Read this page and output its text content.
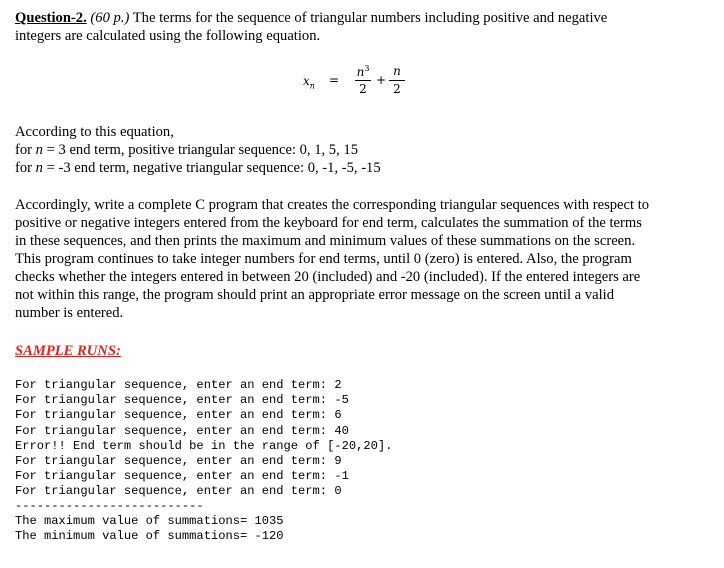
Question-2. (60 p.) The terms for the sequence of triangular numbers including positive and negative
integers are calculated using the following equation.

$x_n$ =
$n^3$
2
+
n
2

According to this equation,
for n = 3 end term, positive triangular sequence: 0, 1, 5, 15
for n = -3 end term, negative triangular sequence: 0, -1, -5, -15

Accordingly, write a complete C program that creates the corresponding triangular sequences with respect to

positive or negative integers entered from the keyboard for end term, calculates the summation of the terms

in these sequences, and then prints the maximum and minimum values of these summations on the screen.

This program continues to take integer numbers for end terms, until 0 (zero) is entered. Also, the program

checks whether the integers entered in between 20 (included) and -20 (included). If the entered integers are

not within this range, the program should print an appropriate error message on the screen until a valid

number is entered.

SAMPLE RUNS:
For triangular sequence, enter an end term: 2
For triangular sequence, enter an end term: -5
For triangular sequence, enter an end term: 6
For triangular sequence, enter an end term: 40
Error!! End term should be in the range of [-20,20].
For triangular sequence, enter an end term: 9
For triangular sequence, enter an end term: -1
For triangular sequence, enter an end term: 0
--------------------------
The maximum value of summations= 1035
The minimum value of summations= -120
